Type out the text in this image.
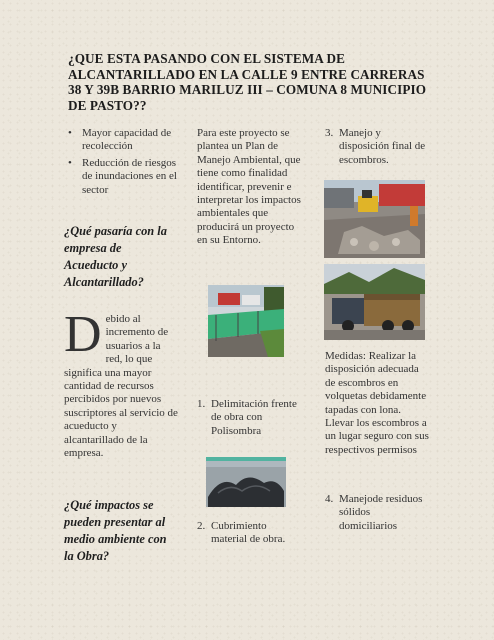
¿QUE ESTA PASANDO CON EL SISTEMA DE ALCANTARILLADO EN LA CALLE 9 ENTRE CARRERAS 38 Y 39B BARRIO MARILUZ III – COMUNA 8 MUNICIPIO DE PASTO??
• Mayor capacidad de recolección
• Reducción de riesgos de inundaciones en el sector
¿Qué pasaría con la empresa de Acueducto y Alcantarillado?
Debido al incremento de usuarios a la red, lo que significa una mayor cantidad de recursos percibidos por nuevos suscriptores al servicio de acueducto y alcantarillado de la empresa.
¿Qué impactos se pueden presentar al medio ambiente con la Obra?
Para este proyecto se plantea un Plan de Manejo Ambiental, que tiene como finalidad identificar, prevenir e interpretar los impactos ambientales que producirá un proyecto en su Entorno.
1. Delimitación frente de obra con Polisombra
2. Cubrimiento material de obra.
3. Manejo y disposición final de escombros.
Medidas: Realizar la disposición adecuada de escombros en volquetas debidamente tapadas con lona. Llevar los escombros a un lugar seguro con sus respectivos permisos
4. Manejode residuos sólidos domiciliarios
